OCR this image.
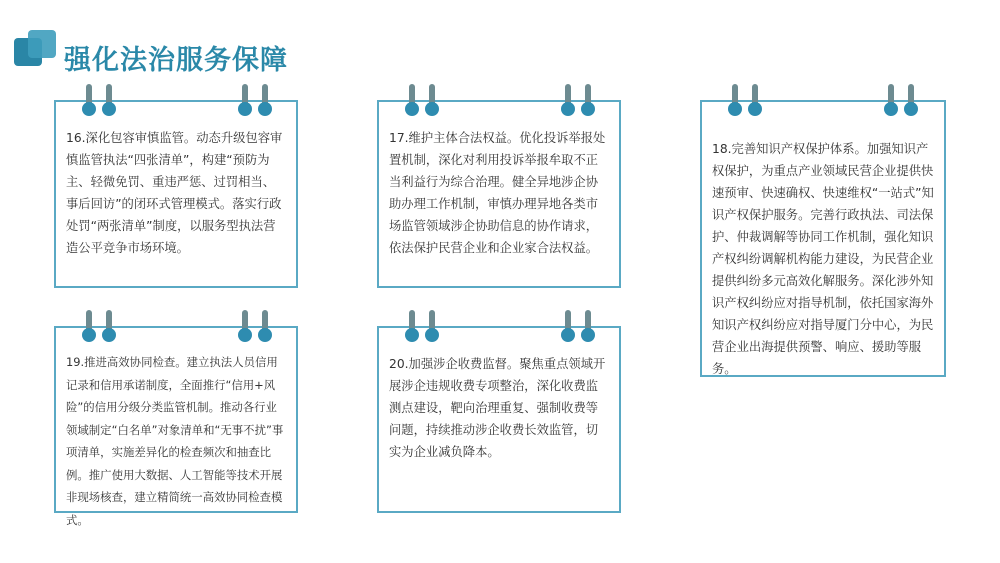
强化法治服务保障
16.深化包容审慎监管。动态升级包容审慎监管执法“四张清单”，构建“预防为主、轻微免罚、重违严惩、过罚相当、事后回访”的闭环式管理模式。落实行政处罚“两张清单”制度，以服务型执法营造公平竞争市场环境。
17.维护主体合法权益。优化投诉举报处置机制，深化对利用投诉举报牟取不正当利益行为综合治理。健全异地涉企协助办理工作机制，审慎办理异地各类市场监管领域涉企协助信息的协作请求，依法保护民营企业和企业家合法权益。
18.完善知识产权保护体系。加强知识产权保护，为重点产业领域民营企业提供快速预审、快速确权、快速维权“一站式”知识产权保护服务。完善行政执法、司法保护、仲裁调解等协同工作机制，强化知识产权纠纷调解机构能力建设，为民营企业提供纠纷多元高效化解服务。深化涉外知识产权纠纷应对指导机制，依托国家海外知识产权纠纷应对指导厦门分中心，为民营企业出海提供预警、响应、援助等服务。
19.推进高效协同检查。建立执法人员信用记录和信用承诺制度，全面推行“信用+风险”的信用分级分类监管机制。推动各行业领域制定“白名单”对象清单和“无事不扰”事项清单，实施差异化的检查频次和抽查比例。推广使用大数据、人工智能等技术开展非现场核查，建立精简统一高效协同检查模式。
20.加强涉企收费监督。聚焦重点领域开展涉企违规收费专项整治，深化收费监测点建设，靶向治理重复、强制收费等问题，持续推动涉企收费长效监管，切实为企业减负降本。
